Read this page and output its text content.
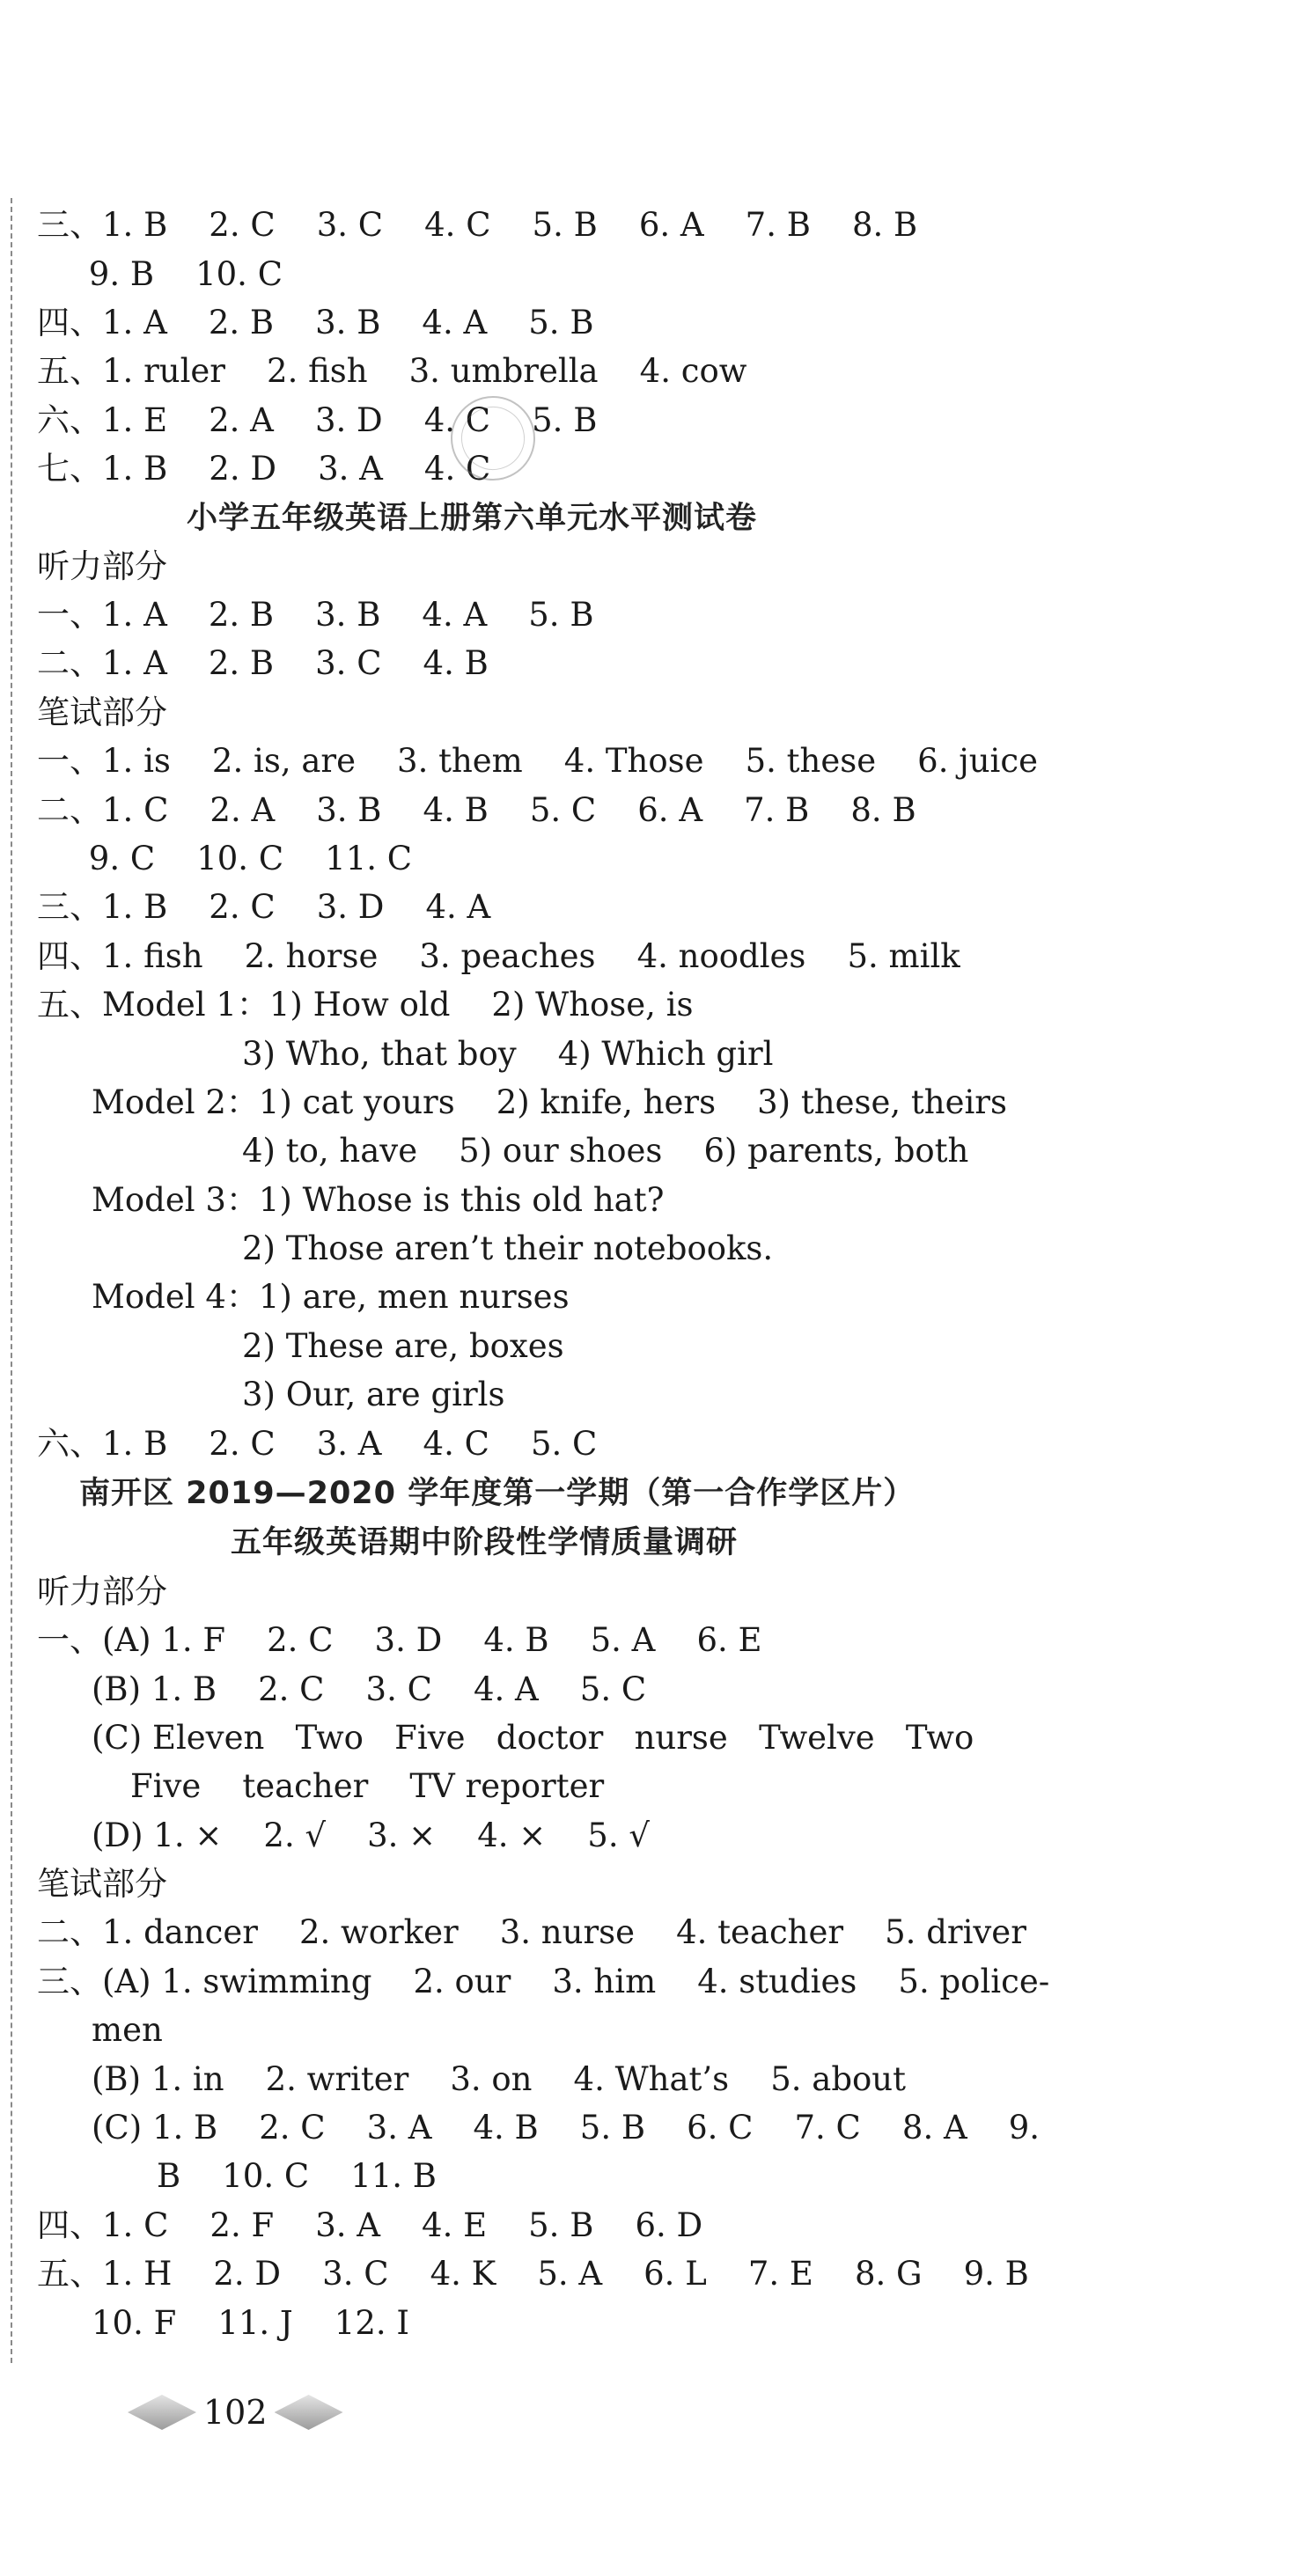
三、1. B    2. C    3. C    4. C    5. B    6. A    7. B    8. B
9. B    10. C
四、1. A    2. B    3. B    4. A    5. B
五、1. ruler    2. fish    3. umbrella    4. cow
六、1. E    2. A    3. D    4. C    5. B
七、1. B    2. D    3. A    4. C
小学五年级英语上册第六单元水平测试卷
听力部分
一、1. A    2. B    3. B    4. A    5. B
二、1. A    2. B    3. C    4. B
笔试部分
一、1. is    2. is, are    3. them    4. Those    5. these    6. juice
二、1. C    2. A    3. B    4. B    5. C    6. A    7. B    8. B
9. C    10. C    11. C
三、1. B    2. C    3. D    4. A
四、1. fish    2. horse    3. peaches    4. noodles    5. milk
五、Model 1：1) How old    2) Whose, is
3) Who, that boy    4) Which girl
Model 2：1) cat yours    2) knife, hers    3) these, theirs
4) to, have    5) our shoes    6) parents, both
Model 3：1) Whose is this old hat?
2) Those aren’t their notebooks.
Model 4：1) are, men nurses
2) These are, boxes
3) Our, are girls
六、1. B    2. C    3. A    4. C    5. C
南开区 2019—2020 学年度第一学期（第一合作学区片）
五年级英语期中阶段性学情质量调研
听力部分
一、(A) 1. F    2. C    3. D    4. B    5. A    6. E
(B) 1. B    2. C    3. C    4. A    5. C
(C) Eleven   Two   Five   doctor   nurse   Twelve   Two
Five    teacher    TV reporter
(D) 1. ×    2. √    3. ×    4. ×    5. √
笔试部分
二、1. dancer    2. worker    3. nurse    4. teacher    5. driver
三、(A) 1. swimming    2. our    3. him    4. studies    5. police-
men
(B) 1. in    2. writer    3. on    4. What’s    5. about
(C) 1. B    2. C    3. A    4. B    5. B    6. C    7. C    8. A    9.
B    10. C    11. B
四、1. C    2. F    3. A    4. E    5. B    6. D
五、1. H    2. D    3. C    4. K    5. A    6. L    7. E    8. G    9. B
10. F    11. J    12. I
102
